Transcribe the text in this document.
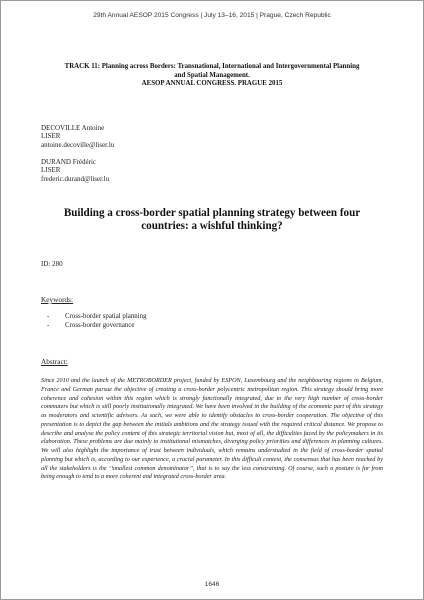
29th Annual AESOP 2015 Congress | July 13–16, 2015 | Prague, Czech Republic
TRACK 11: Planning across Borders: Transnational, International and Intergovernmental Planning
and Spatial Management.
AESOP ANNUAL CONGRESS. PRAGUE 2015
DECOVILLE Antoine
LISER
antoine.decoville@liser.lu
DURAND Frédéric
LISER
frederic.durand@liser.lu
Building a cross-border spatial planning strategy between four
countries: a wishful thinking?
ID: 280
Keywords:
-	Cross-border spatial planning
-	Cross-border governance
Abstract:
Since 2010 and the launch of the METROBORDER project, funded by ESPON, Luxembourg and the neighbouring regions in Belgium, France and German pursue the objective of creating a cross-border polycentric metropolitan region. This strategy should bring more coherence and cohesion within this region which is strongly functionally integrated, due to the very high number of cross-border commuters but which is still poorly institutionally integrated. We have been involved in the building of the economic part of this strategy as moderators and scientific advisors. As such, we were able to identify obstacles to cross-border cooperation. The objective of this presentation is to depict the gap between the initials ambitions and the strategy issued with the required critical distance. We propose to describe and analyse the policy content of this strategic territorial vision but, most of all, the difficulties faced by the policymakers in its elaboration. These problems are due mainly to institutional mismatches, diverging policy priorities and differences in planning cultures. We will also highlight the importance of trust between individuals, which remains understudied in the field of cross-border spatial planning but which is, according to our experience, a crucial parameter. In this difficult context, the consensus that has been reached by all the stakeholders is the ‘’smallest common denominator’’, that is to say the less constraining. Of course, such a posture is far from being enough to tend to a more coherent and integrated cross-border area.
1646
